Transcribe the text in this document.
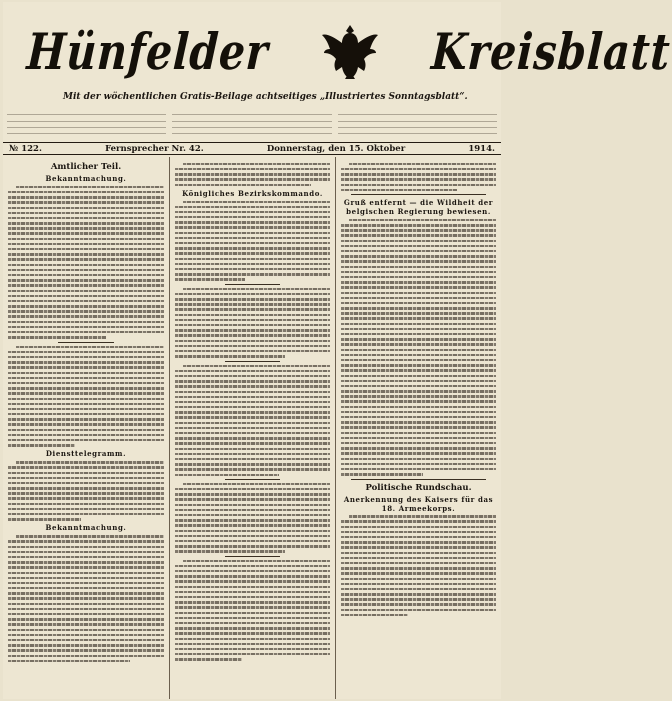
Hünfelder	Kreisblatt
Mit der wöchentlichen Gratis-Beilage achtseitiges „Illustriertes Sonntagsblatt“.
№ 122.	Fernsprecher Nr. 42.	Donnerstag, den 15. Oktober	1914.
Amtlicher Teil.
Bekanntmachung.
Diensttelegramm.
Bekanntmachung.
Königliches Bezirkskommando.
Gruß entfernt — die Wildheit der belgischen Regierung bewiesen.
Politische Rundschau.
Anerkennung des Kaisers für das 18. Armeekorps.
